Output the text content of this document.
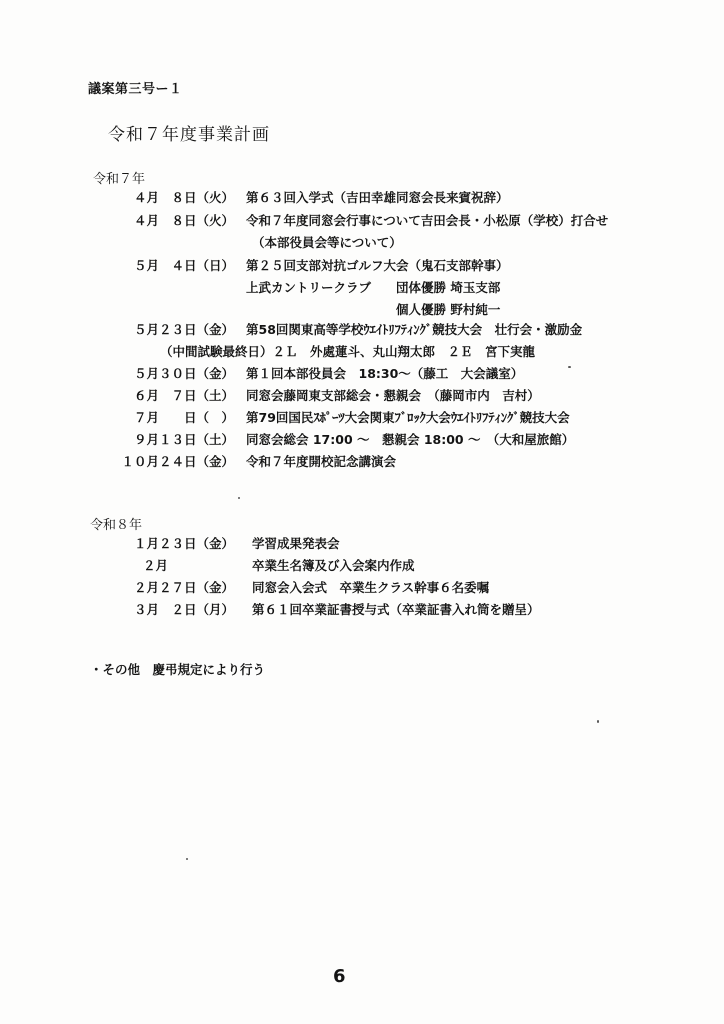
議案第三号ー１
令和７年度事業計画
令和７年
４月　８日（火） 第６３回入学式（吉田幸雄同窓会長来賓祝辞）
４月　８日（火） 令和７年度同窓会行事について吉田会長・小松原（学校）打合せ
（本部役員会等について）
５月　４日（日） 第２５回支部対抗ゴルフ大会（鬼石支部幹事）
上武カントリークラブ　　団体優勝 埼玉支部
個人優勝 野村純一
５月２３日（金） 第58回関東高等学校ｳｴｲﾄﾘﾌﾃｨﾝｸﾞ競技大会　壮行会・激励金
（中間試験最終日）２Ｌ　外處蓮斗、丸山翔太郎　２Ｅ　宮下実龍
５月３０日（金） 第１回本部役員会　18:30〜（藤工　大会議室）
６月　７日（土） 同窓会藤岡東支部総会・懇親会　（藤岡市内　吉村）
７月　　日（　） 第79回国民ｽﾎﾟｰﾂ大会関東ﾌﾞﾛｯｸ大会ｳｴｲﾄﾘﾌﾃｨﾝｸﾞ競技大会
９月１３日（土） 同窓会総会 17:00 〜　懇親会 18:00 〜　（大和屋旅館）
１０月２４日（金） 令和７年度開校記念講演会
令和８年
１月２３日（金） 学習成果発表会
２月	卒業生名簿及び入会案内作成
２月２７日（金） 同窓会入会式　卒業生クラス幹事６名委嘱
３月　２日（月） 第６１回卒業証書授与式（卒業証書入れ筒を贈呈）
・その他　慶弔規定により行う
6
